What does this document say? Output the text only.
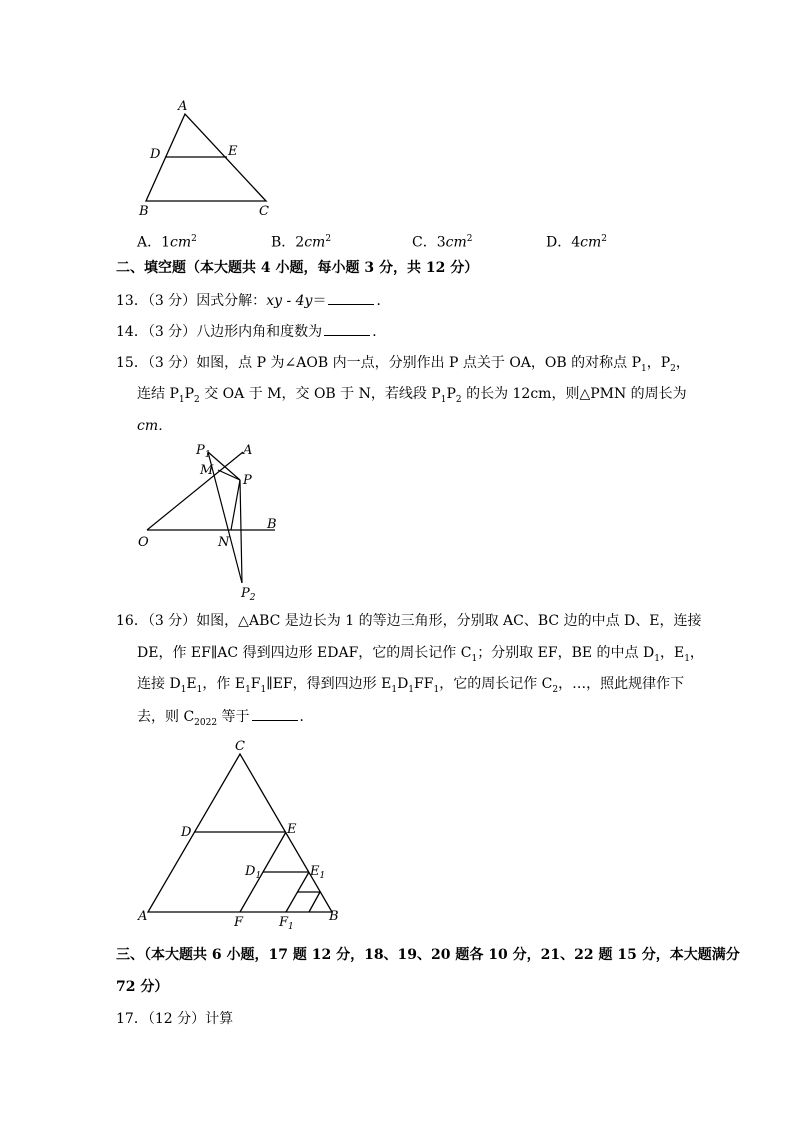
A
D	E
B	C
A．$1cm^2$	B．$2cm^2$	C．$3cm^2$	D．$4cm^2$
二、填空题（本大题共 4 小题，每小题 3 分，共 12 分）
13．（3 分）因式分解：xy - 4y＝	．
14．（3 分）八边形内角和度数为	．
15．（3 分）如图，点 P 为∠AOB 内一点，分别作出 P 点关于 OA，OB 的对称点 $P_1$，$P_2$，
连结 $P_1P_2$ 交 OA 于 M，交 OB 于 N，若线段 $P_1P_2$ 的长为 12cm，则△PMN 的周长为
cm．
$P_1$	A
M
P
B
O	N
$P_2$
16．（3 分）如图，△ABC 是边长为 1 的等边三角形，分别取 AC、BC 边的中点 D、E，连接
DE，作 EF∥AC 得到四边形 EDAF，它的周长记作 $C_1$；分别取 EF，BE 的中点 $D_1$，$E_1$，
连接 $D_1E_1$，作 $E_1F_1\parallel EF$，得到四边形 $E_1D_1FF_1$，它的周长记作 $C_2$，…，照此规律作下
去，则 $C_{2022}$ 等于	．
C
D	E
$D_1$	$E_1$
A	F	$F_1$
B
三、（本大题共 6 小题，17 题 12 分，18、19、20 题各 10 分，21、22 题 15 分，本大题满分
72 分）
17．（12 分）计算
